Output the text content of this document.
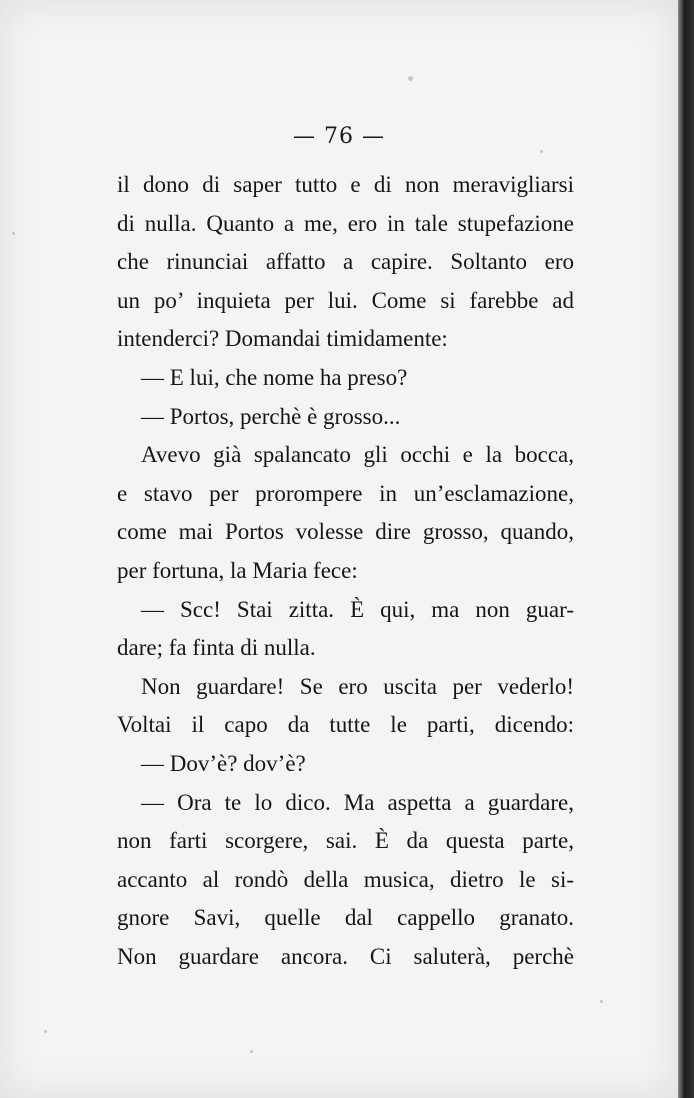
— 76 —
il dono di saper tutto e di non meravigliarsi
di nulla. Quanto a me, ero in tale stupefazione
che rinunciai affatto a capire. Soltanto ero
un po’ inquieta per lui. Come si farebbe ad
intenderci? Domandai timidamente:
— E lui, che nome ha preso?
— Portos, perchè è grosso...
Avevo già spalancato gli occhi e la bocca,
e stavo per prorompere in un’esclamazione,
come mai Portos volesse dire grosso, quando,
per fortuna, la Maria fece:
— Scc! Stai zitta. È qui, ma non guar-
dare; fa finta di nulla.
Non guardare! Se ero uscita per vederlo!
Voltai il capo da tutte le parti, dicendo:
— Dov’è? dov’è?
— Ora te lo dico. Ma aspetta a guardare,
non farti scorgere, sai. È da questa parte,
accanto al rondò della musica, dietro le si-
gnore Savi, quelle dal cappello granato.
Non guardare ancora. Ci saluterà, perchè
